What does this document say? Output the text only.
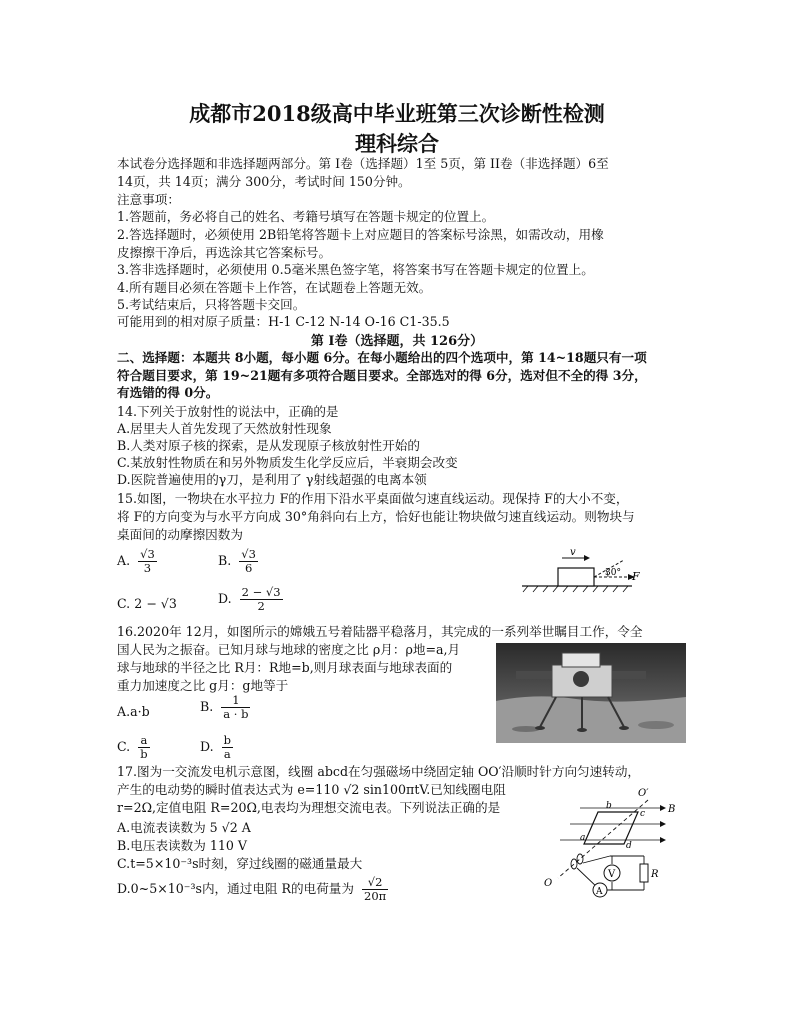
成都市2018级高中毕业班第三次诊断性检测
理科综合
本试卷分选择题和非选择题两部分。第 I卷（选择题）1至 5页，第 II卷（非选择题）6至
14页，共 14页；满分 300分，考试时间 150分钟。
注意事项：
1.答题前，务必将自己的姓名、考籍号填写在答题卡规定的位置上。
2.答选择题时，必须使用 2B铅笔将答题卡上对应题目的答案标号涂黑，如需改动，用橡
皮擦擦干净后，再选涂其它答案标号。
3.答非选择题时，必须使用 0.5毫米黑色签字笔，将答案书写在答题卡规定的位置上。
4.所有题目必须在答题卡上作答，在试题卷上答题无效。
5.考试结束后，只将答题卡交回。
可能用到的相对原子质量：H-1 C-12 N-14 O-16 C1-35.5
第 I卷（选择题，共 126分）
二、选择题：本题共 8小题，每小题 6分。在每小题给出的四个选项中，第 14~18题只有一项
符合题目要求，第 19~21题有多项符合题目要求。全部选对的得 6分，选对但不全的得 3分，
有选错的得 0分。
14.下列关于放射性的说法中，正确的是
A.居里夫人首先发现了天然放射性现象
B.人类对原子核的探索，是从发现原子核放射性开始的
C.某放射性物质在和另外物质发生化学反应后，半衰期会改变
D.医院普遍使用的γ刀，是利用了 γ射线超强的电离本领
15.如图，一物块在水平拉力 F的作用下沿水平桌面做匀速直线运动。现保持 F的大小不变，
将 F的方向变为与水平方向成 30°角斜向右上方，恰好也能让物块做匀速直线运动。则物块与
桌面间的动摩擦因数为
A. $\frac{√3}{3}$	B. $\frac{√3}{6}$
C. 2 − √3	D. $\frac{2 - √3}{2}$
v
30° F
16.2020年 12月，如图所示的嫦娥五号着陆器平稳落月，其完成的一系列举世瞩目工作，令全
国人民为之振奋。已知月球与地球的密度之比 ρ月：ρ地=a,月
球与地球的半径之比 R月：R地=b,则月球表面与地球表面的
重力加速度之比 g月：g地等于
A.a·b	B. $\frac{1}{a \cdot b}$
C. $\frac{a}{b}$	D. $\frac{b}{a}$
17.图为一交流发电机示意图，线圈 abcd在匀强磁场中绕固定轴 OO′沿顺时针方向匀速转动，
产生的电动势的瞬时值表达式为 e=110 √2 sin100πtV.已知线圈电阻
r=2Ω,定值电阻 R=20Ω,电表均为理想交流电表。下列说法正确的是
A.电流表读数为 5 √2 A
B.电压表读数为 110 V
C.t=5×10⁻³s时刻，穿过线圈的磁通量最大
D.0~5×10⁻³s内，通过电阻 R的电荷量为 $\frac{√2}{20\pi}$
B
O′
b
c
a
d
O
V	R
A
